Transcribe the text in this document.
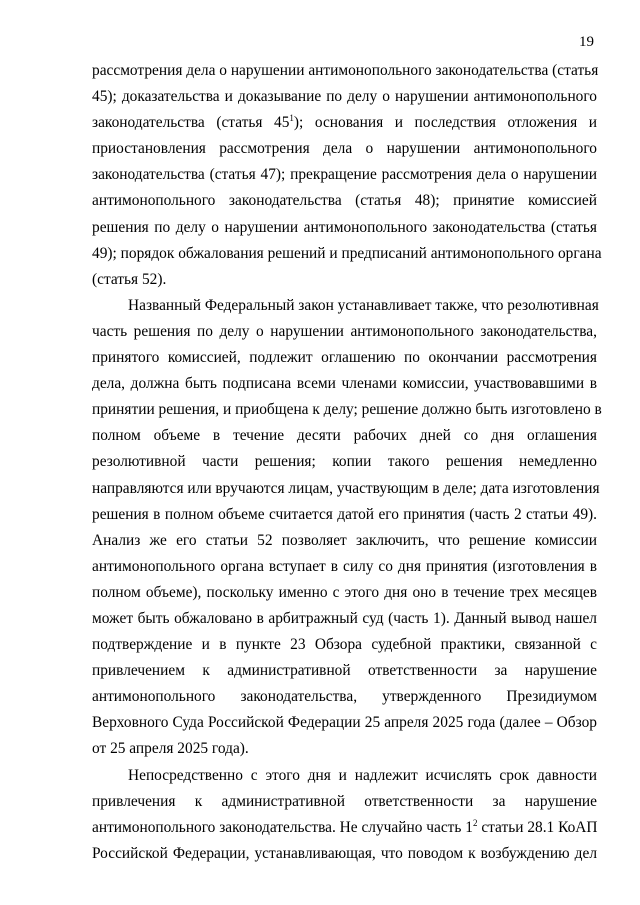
19
рассмотрения дела о нарушении антимонопольного законодательства (статья
45); доказательства и доказывание по делу о нарушении антимонопольного
законодательства (статья $45^1$); основания и последствия отложения и
приостановления рассмотрения дела о нарушении антимонопольного
законодательства (статья 47); прекращение рассмотрения дела о нарушении
антимонопольного законодательства (статья 48); принятие комиссией
решения по делу о нарушении антимонопольного законодательства (статья
49); порядок обжалования решений и предписаний антимонопольного органа
(статья 52).
Названный Федеральный закон устанавливает также, что резолютивная
часть решения по делу о нарушении антимонопольного законодательства,
принятого комиссией, подлежит оглашению по окончании рассмотрения
дела, должна быть подписана всеми членами комиссии, участвовавшими в
принятии решения, и приобщена к делу; решение должно быть изготовлено в
полном объеме в течение десяти рабочих дней со дня оглашения
резолютивной части решения; копии такого решения немедленно
направляются или вручаются лицам, участвующим в деле; дата изготовления
решения в полном объеме считается датой его принятия (часть 2 статьи 49).
Анализ же его статьи 52 позволяет заключить, что решение комиссии
антимонопольного органа вступает в силу со дня принятия (изготовления в
полном объеме), поскольку именно с этого дня оно в течение трех месяцев
может быть обжаловано в арбитражный суд (часть 1). Данный вывод нашел
подтверждение и в пункте 23 Обзора судебной практики, связанной с
привлечением к административной ответственности за нарушение
антимонопольного законодательства, утвержденного Президиумом
Верховного Суда Российской Федерации 25 апреля 2025 года (далее – Обзор
от 25 апреля 2025 года).
Непосредственно с этого дня и надлежит исчислять срок давности
привлечения к административной ответственности за нарушение
антимонопольного законодательства. Не случайно часть $1^2$ статьи 28.1 КоАП
Российской Федерации, устанавливающая, что поводом к возбуждению дел
